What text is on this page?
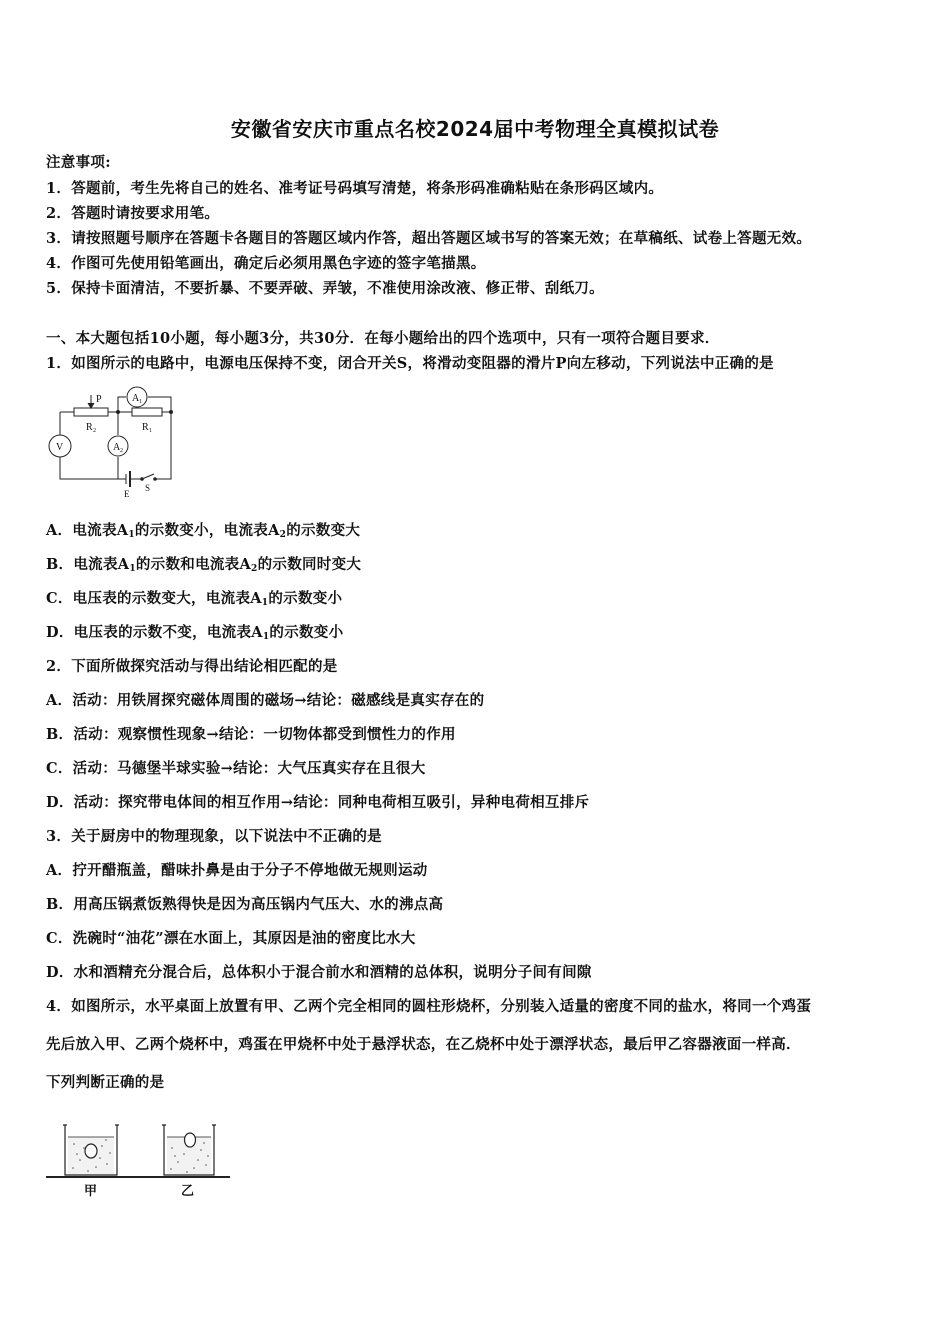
安徽省安庆市重点名校2024届中考物理全真模拟试卷
注意事项:
1．答题前，考生先将自己的姓名、准考证号码填写清楚，将条形码准确粘贴在条形码区域内。
2．答题时请按要求用笔。
3．请按照题号顺序在答题卡各题目的答题区域内作答，超出答题区域书写的答案无效；在草稿纸、试卷上答题无效。
4．作图可先使用铅笔画出，确定后必须用黑色字迹的签字笔描黑。
5．保持卡面清洁，不要折暴、不要弄破、弄皱，不准使用涂改液、修正带、刮纸刀。
一、本大题包括10小题，每小题3分，共30分．在每小题给出的四个选项中，只有一项符合题目要求．
1．如图所示的电路中，电源电压保持不变，闭合开关S，将滑动变阻器的滑片P向左移动，下列说法中正确的是
P	A 1
R 2	R 1
V	A 2
E
S
A．电流表$A_1$的示数变小，电流表$A_2$的示数变大
B．电流表$A_1$的示数和电流表$A_2$的示数同时变大
C．电压表的示数变大，电流表$A_1$的示数变小
D．电压表的示数不变，电流表$A_1$的示数变小
2．下面所做探究活动与得出结论相匹配的是
A．活动：用铁屑探究磁体周围的磁场→结论：磁感线是真实存在的
B．活动：观察惯性现象→结论：一切物体都受到惯性力的作用
C．活动：马德堡半球实验→结论：大气压真实存在且很大
D．活动：探究带电体间的相互作用→结论：同种电荷相互吸引，异种电荷相互排斥
3．关于厨房中的物理现象，以下说法中不正确的是
A．拧开醋瓶盖，醋味扑鼻是由于分子不停地做无规则运动
B．用高压锅煮饭熟得快是因为高压锅内气压大、水的沸点高
C．洗碗时“油花”漂在水面上，其原因是油的密度比水大
D．水和酒精充分混合后，总体积小于混合前水和酒精的总体积，说明分子间有间隙
4．如图所示，水平桌面上放置有甲、乙两个完全相同的圆柱形烧杯，分别装入适量的密度不同的盐水，将同一个鸡蛋
先后放入甲、乙两个烧杯中，鸡蛋在甲烧杯中处于悬浮状态，在乙烧杯中处于漂浮状态，最后甲乙容器液面一样高．
下列判断正确的是
甲	乙
